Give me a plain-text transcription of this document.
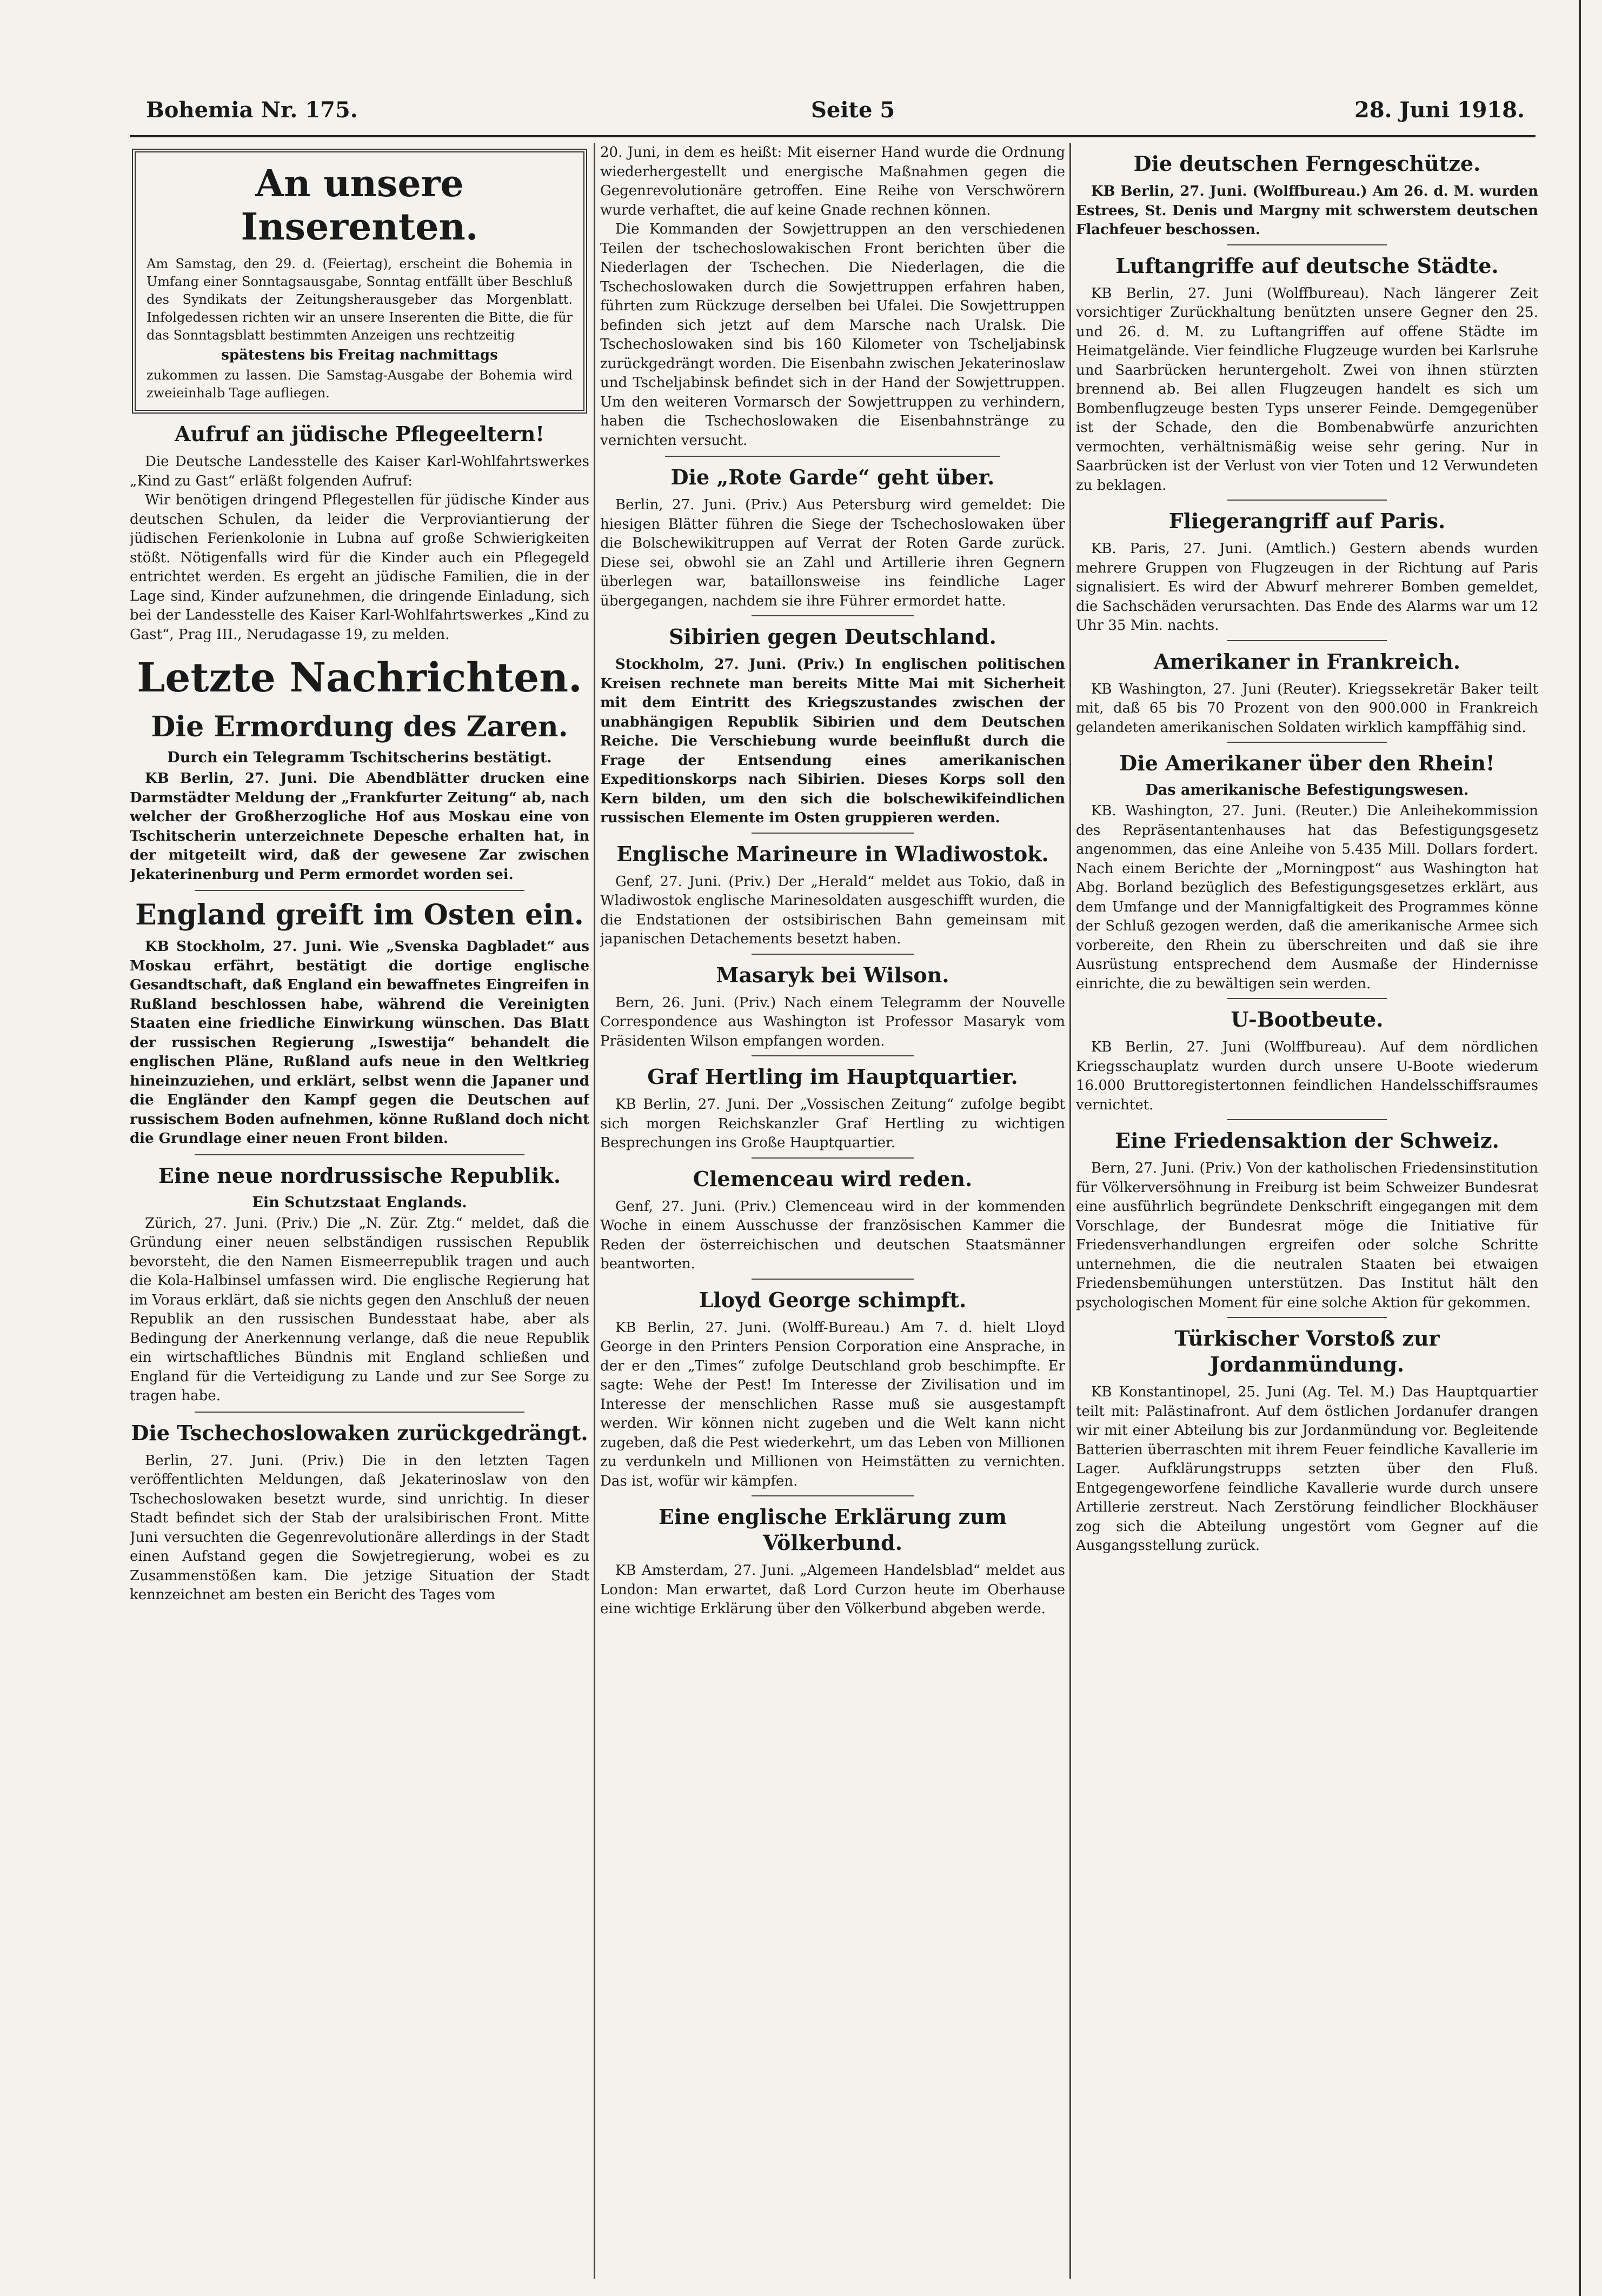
Bohemia Nr. 175.	Seite 5	28. Juni 1918.
An unsere Inserenten.

Am Samstag, den 29. d. (Feiertag), erscheint die Bohemia in Umfang einer Sonntagsausgabe, Sonntag entfällt über Beschluß des Syndikats der Zeitungsherausgeber das Morgenblatt. Infolgedessen richten wir an unsere Inserenten die Bitte, die für das Sonntagsblatt bestimmten Anzeigen uns rechtzeitig

spätestens bis Freitag nachmittags

zukommen zu lassen. Die Samstag-Ausgabe der Bohemia wird zweieinhalb Tage aufliegen.

Aufruf an jüdische Pflegeeltern!

Die Deutsche Landesstelle des Kaiser Karl-Wohlfahrtswerkes „Kind zu Gast“ erläßt folgenden Aufruf:

Wir benötigen dringend Pflegestellen für jüdische Kinder aus deutschen Schulen, da leider die Verproviantierung der jüdischen Ferienkolonie in Lubna auf große Schwierigkeiten stößt. Nötigenfalls wird für die Kinder auch ein Pflegegeld entrichtet werden. Es ergeht an jüdische Familien, die in der Lage sind, Kinder aufzunehmen, die dringende Einladung, sich bei der Landesstelle des Kaiser Karl-Wohlfahrtswerkes „Kind zu Gast“, Prag III., Nerudagasse 19, zu melden.

Letzte Nachrichten.
Die Ermordung des Zaren.
Durch ein Telegramm Tschitscherins bestätigt.

KB Berlin, 27. Juni. Die Abendblätter drucken eine Darmstädter Meldung der „Frankfurter Zeitung“ ab, nach welcher der Großherzogliche Hof aus Moskau eine von Tschitscherin unterzeichnete Depesche erhalten hat, in der mitgeteilt wird, daß der gewesene Zar zwischen Jekaterinenburg und Perm ermordet worden sei.

England greift im Osten ein.

KB Stockholm, 27. Juni. Wie „Svenska Dagbladet“ aus Moskau erfährt, bestätigt die dortige englische Gesandtschaft, daß England ein bewaffnetes Eingreifen in Rußland beschlossen habe, während die Vereinigten Staaten eine friedliche Einwirkung wünschen. Das Blatt der russischen Regierung „Iswestija“ behandelt die englischen Pläne, Rußland aufs neue in den Weltkrieg hineinzuziehen, und erklärt, selbst wenn die Japaner und die Engländer den Kampf gegen die Deutschen auf russischem Boden aufnehmen, könne Rußland doch nicht die Grundlage einer neuen Front bilden.

Eine neue nordrussische Republik.
Ein Schutzstaat Englands.

Zürich, 27. Juni. (Priv.) Die „N. Zür. Ztg.“ meldet, daß die Gründung einer neuen selbständigen russischen Republik bevorsteht, die den Namen Eismeerrepublik tragen und auch die Kola-Halbinsel umfassen wird. Die englische Regierung hat im Voraus erklärt, daß sie nichts gegen den Anschluß der neuen Republik an den russischen Bundesstaat habe, aber als Bedingung der Anerkennung verlange, daß die neue Republik ein wirtschaftliches Bündnis mit England schließen und England für die Verteidigung zu Lande und zur See Sorge zu tragen habe.

Die Tschechoslowaken zurückgedrängt.

Berlin, 27. Juni. (Priv.) Die in den letzten Tagen veröffentlichten Meldungen, daß Jekaterinoslaw von den Tschechoslowaken besetzt wurde, sind unrichtig. In dieser Stadt befindet sich der Stab der uralsibirischen Front. Mitte Juni versuchten die Gegenrevolutionäre allerdings in der Stadt einen Aufstand gegen die Sowjetregierung, wobei es zu Zusammenstößen kam. Die jetzige Situation der Stadt kennzeichnet am besten ein Bericht des Tages vom

20. Juni, in dem es heißt: Mit eiserner Hand wurde die Ordnung wiederhergestellt und energische Maßnahmen gegen die Gegenrevolutionäre getroffen. Eine Reihe von Verschwörern wurde verhaftet, die auf keine Gnade rechnen können.

Die Kommanden der Sowjettruppen an den verschiedenen Teilen der tschechoslowakischen Front berichten über die Niederlagen der Tschechen. Die Niederlagen, die die Tschechoslowaken durch die Sowjettruppen erfahren haben, führten zum Rückzuge derselben bei Ufalei. Die Sowjettruppen befinden sich jetzt auf dem Marsche nach Uralsk. Die Tschechoslowaken sind bis 160 Kilometer von Tscheljabinsk zurückgedrängt worden. Die Eisenbahn zwischen Jekaterinoslaw und Tscheljabinsk befindet sich in der Hand der Sowjettruppen. Um den weiteren Vormarsch der Sowjettruppen zu verhindern, haben die Tschechoslowaken die Eisenbahnstränge zu vernichten versucht.

Die „Rote Garde“ geht über.

Berlin, 27. Juni. (Priv.) Aus Petersburg wird gemeldet: Die hiesigen Blätter führen die Siege der Tschechoslowaken über die Bolschewikitruppen auf Verrat der Roten Garde zurück. Diese sei, obwohl sie an Zahl und Artillerie ihren Gegnern überlegen war, bataillonsweise ins feindliche Lager übergegangen, nachdem sie ihre Führer ermordet hatte.

Sibirien gegen Deutschland.

Stockholm, 27. Juni. (Priv.) In englischen politischen Kreisen rechnete man bereits Mitte Mai mit Sicherheit mit dem Eintritt des Kriegszustandes zwischen der unabhängigen Republik Sibirien und dem Deutschen Reiche. Die Verschiebung wurde beeinflußt durch die Frage der Entsendung eines amerikanischen Expeditionskorps nach Sibirien. Dieses Korps soll den Kern bilden, um den sich die bolschewikifeindlichen russischen Elemente im Osten gruppieren werden.

Englische Marineure in Wladiwostok.

Genf, 27. Juni. (Priv.) Der „Herald“ meldet aus Tokio, daß in Wladiwostok englische Marinesoldaten ausgeschifft wurden, die die Endstationen der ostsibirischen Bahn gemeinsam mit japanischen Detachements besetzt haben.

Masaryk bei Wilson.

Bern, 26. Juni. (Priv.) Nach einem Telegramm der Nouvelle Correspondence aus Washington ist Professor Masaryk vom Präsidenten Wilson empfangen worden.

Graf Hertling im Hauptquartier.

KB Berlin, 27. Juni. Der „Vossischen Zeitung“ zufolge begibt sich morgen Reichskanzler Graf Hertling zu wichtigen Besprechungen ins Große Hauptquartier.

Clemenceau wird reden.

Genf, 27. Juni. (Priv.) Clemenceau wird in der kommenden Woche in einem Ausschusse der französischen Kammer die Reden der österreichischen und deutschen Staatsmänner beantworten.

Lloyd George schimpft.

KB Berlin, 27. Juni. (Wolff-Bureau.) Am 7. d. hielt Lloyd George in den Printers Pension Corporation eine Ansprache, in der er den „Times“ zufolge Deutschland grob beschimpfte. Er sagte: Wehe der Pest! Im Interesse der Zivilisation und im Interesse der menschlichen Rasse muß sie ausgestampft werden. Wir können nicht zugeben und die Welt kann nicht zugeben, daß die Pest wiederkehrt, um das Leben von Millionen zu verdunkeln und Millionen von Heimstätten zu vernichten. Das ist, wofür wir kämpfen.

Eine englische Erklärung zum Völkerbund.

KB Amsterdam, 27. Juni. „Algemeen Handelsblad“ meldet aus London: Man erwartet, daß Lord Curzon heute im Oberhause eine wichtige Erklärung über den Völkerbund abgeben werde.

Die deutschen Ferngeschütze.

KB Berlin, 27. Juni. (Wolffbureau.) Am 26. d. M. wurden Estrees, St. Denis und Margny mit schwerstem deutschen Flachfeuer beschossen.

Luftangriffe auf deutsche Städte.

KB Berlin, 27. Juni (Wolffbureau). Nach längerer Zeit vorsichtiger Zurückhaltung benützten unsere Gegner den 25. und 26. d. M. zu Luftangriffen auf offene Städte im Heimatgelände. Vier feindliche Flugzeuge wurden bei Karlsruhe und Saarbrücken heruntergeholt. Zwei von ihnen stürzten brennend ab. Bei allen Flugzeugen handelt es sich um Bombenflugzeuge besten Typs unserer Feinde. Demgegenüber ist der Schade, den die Bombenabwürfe anzurichten vermochten, verhältnismäßig weise sehr gering. Nur in Saarbrücken ist der Verlust von vier Toten und 12 Verwundeten zu beklagen.

Fliegerangriff auf Paris.

KB. Paris, 27. Juni. (Amtlich.) Gestern abends wurden mehrere Gruppen von Flugzeugen in der Richtung auf Paris signalisiert. Es wird der Abwurf mehrerer Bomben gemeldet, die Sachschäden verursachten. Das Ende des Alarms war um 12 Uhr 35 Min. nachts.

Amerikaner in Frankreich.

KB Washington, 27. Juni (Reuter). Kriegssekretär Baker teilt mit, daß 65 bis 70 Prozent von den 900.000 in Frankreich gelandeten amerikanischen Soldaten wirklich kampffähig sind.

Die Amerikaner über den Rhein!
Das amerikanische Befestigungswesen.

KB. Washington, 27. Juni. (Reuter.) Die Anleihekommission des Repräsentantenhauses hat das Befestigungsgesetz angenommen, das eine Anleihe von 5.435 Mill. Dollars fordert. Nach einem Berichte der „Morningpost“ aus Washington hat Abg. Borland bezüglich des Befestigungsgesetzes erklärt, aus dem Umfange und der Mannigfaltigkeit des Programmes könne der Schluß gezogen werden, daß die amerikanische Armee sich vorbereite, den Rhein zu überschreiten und daß sie ihre Ausrüstung entsprechend dem Ausmaße der Hindernisse einrichte, die zu bewältigen sein werden.

U-Bootbeute.

KB Berlin, 27. Juni (Wolffbureau). Auf dem nördlichen Kriegsschauplatz wurden durch unsere U-Boote wiederum 16.000 Bruttoregistertonnen feindlichen Handelsschiffsraumes vernichtet.

Eine Friedensaktion der Schweiz.

Bern, 27. Juni. (Priv.) Von der katholischen Friedensinstitution für Völkerversöhnung in Freiburg ist beim Schweizer Bundesrat eine ausführlich begründete Denkschrift eingegangen mit dem Vorschlage, der Bundesrat möge die Initiative für Friedensverhandlungen ergreifen oder solche Schritte unternehmen, die die neutralen Staaten bei etwaigen Friedensbemühungen unterstützen. Das Institut hält den psychologischen Moment für eine solche Aktion für gekommen.

Türkischer Vorstoß zur Jordanmündung.

KB Konstantinopel, 25. Juni (Ag. Tel. M.) Das Hauptquartier teilt mit: Palästinafront. Auf dem östlichen Jordanufer drangen wir mit einer Abteilung bis zur Jordanmündung vor. Begleitende Batterien überraschten mit ihrem Feuer feindliche Kavallerie im Lager. Aufklärungstrupps setzten über den Fluß. Entgegengeworfene feindliche Kavallerie wurde durch unsere Artillerie zerstreut. Nach Zerstörung feindlicher Blockhäuser zog sich die Abteilung ungestört vom Gegner auf die Ausgangsstellung zurück.
